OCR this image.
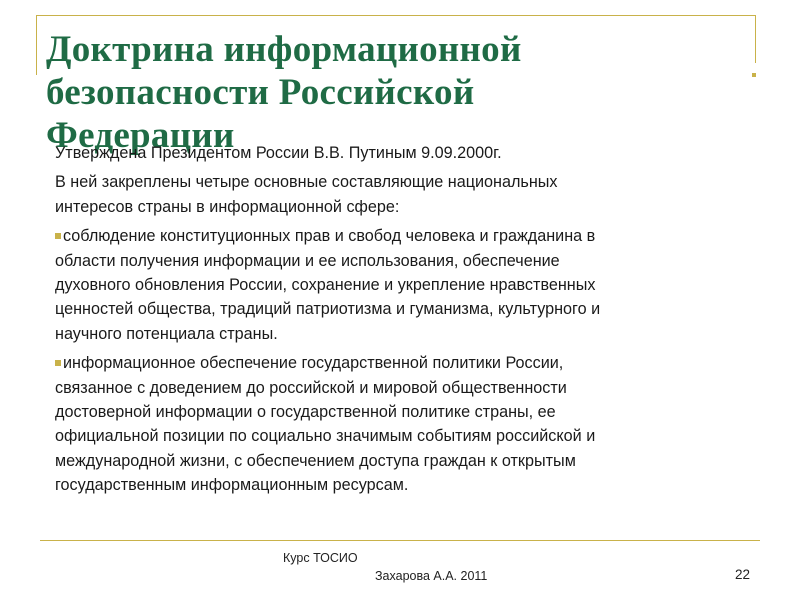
Доктрина информационной
безопасности Российской
Федерации

Утверждена Президентом России В.В. Путиным 9.09.2000г.

В ней закреплены четыре основные составляющие национальных
интересов страны в информационной сфере:

соблюдение конституционных прав и свобод человека и гражданина в
области получения информации и ее использования, обеспечение
духовного обновления России, сохранение и укрепление нравственных
ценностей общества, традиций патриотизма и гуманизма, культурного и
научного потенциала страны.

информационное обеспечение государственной политики России,
связанное с доведением до российской и мировой общественности
достоверной информации о государственной политике страны, ее
официальной позиции по социально значимым событиям российской и
международной жизни, с обеспечением доступа граждан к открытым
государственным информационным ресурсам.

Курс ТОСИО
Захарова А.А. 2011	22
